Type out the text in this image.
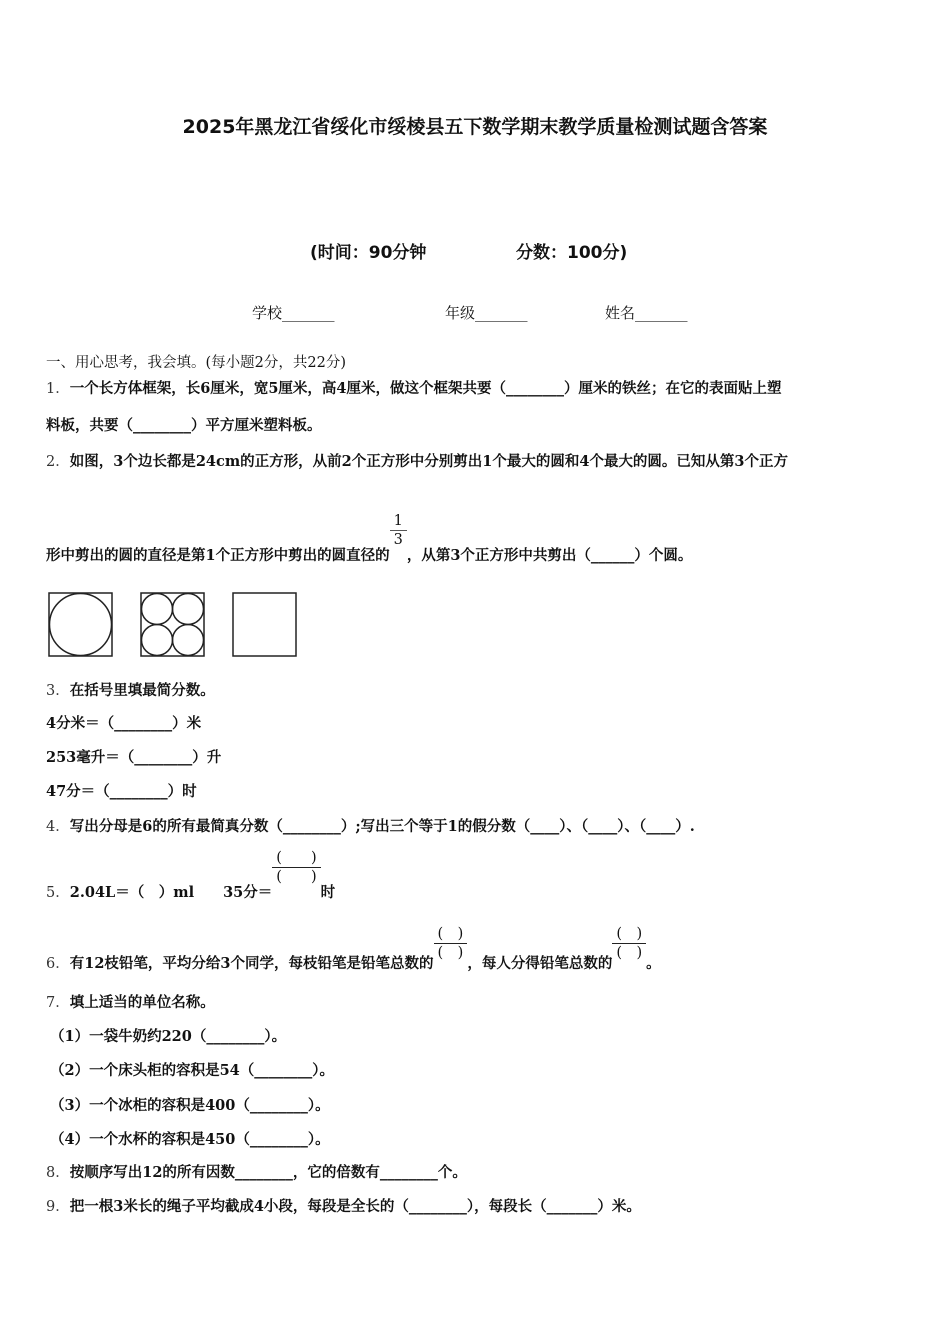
2025年黑龙江省绥化市绥棱县五下数学期末教学质量检测试题含答案
(时间：90分钟	分数：100分)
学校_______	年级_______	姓名_______
一、用心思考，我会填。(每小题2分，共22分)
1．一个长方体框架，长6厘米，宽5厘米，高4厘米，做这个框架共要（________）厘米的铁丝；在它的表面贴上塑
料板，共要（________）平方厘米塑料板。
2．如图，3个边长都是24cm的正方形，从前2个正方形中分别剪出1个最大的圆和4个最大的圆。已知从第3个正方
形中剪出的圆的直径是第1个正方形中剪出的圆直径的
$\frac{1}{3}$
，从第3个正方形中共剪出（______）个圆。
3．在括号里填最简分数。
4分米＝（________）米
253毫升＝（________）升
47分＝（________）时
4．写出分母是6的所有最简真分数（________）;写出三个等于1的假分数（____）、（____）、（____）.
5．2.04L＝（　）ml　　35分＝
$\frac{( )}{( )}$
时
6．有12枝铅笔，平均分给3个同学，每枝铅笔是铅笔总数的
$\frac{( )}{( )}$
，每人分得铅笔总数的
$\frac{( )}{( )}$
。
7．填上适当的单位名称。
（1）一袋牛奶约220（________）。
（2）一个床头柜的容积是54（________）。
（3）一个冰柜的容积是400（________）。
（4）一个水杯的容积是450（________）。
8．按顺序写出12的所有因数________，它的倍数有________个。
9．把一根3米长的绳子平均截成4小段，每段是全长的（________），每段长（_______）米。
